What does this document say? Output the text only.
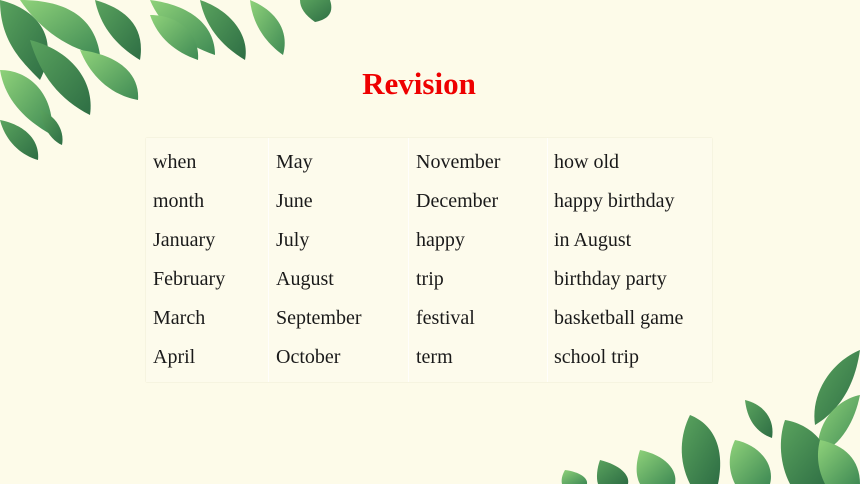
Revision
when	May	November	how old
month	June	December	happy birthday
January	July	happy	in August
February	August	trip	birthday party
March	September	festival	basketball game
April	October	term	school trip
